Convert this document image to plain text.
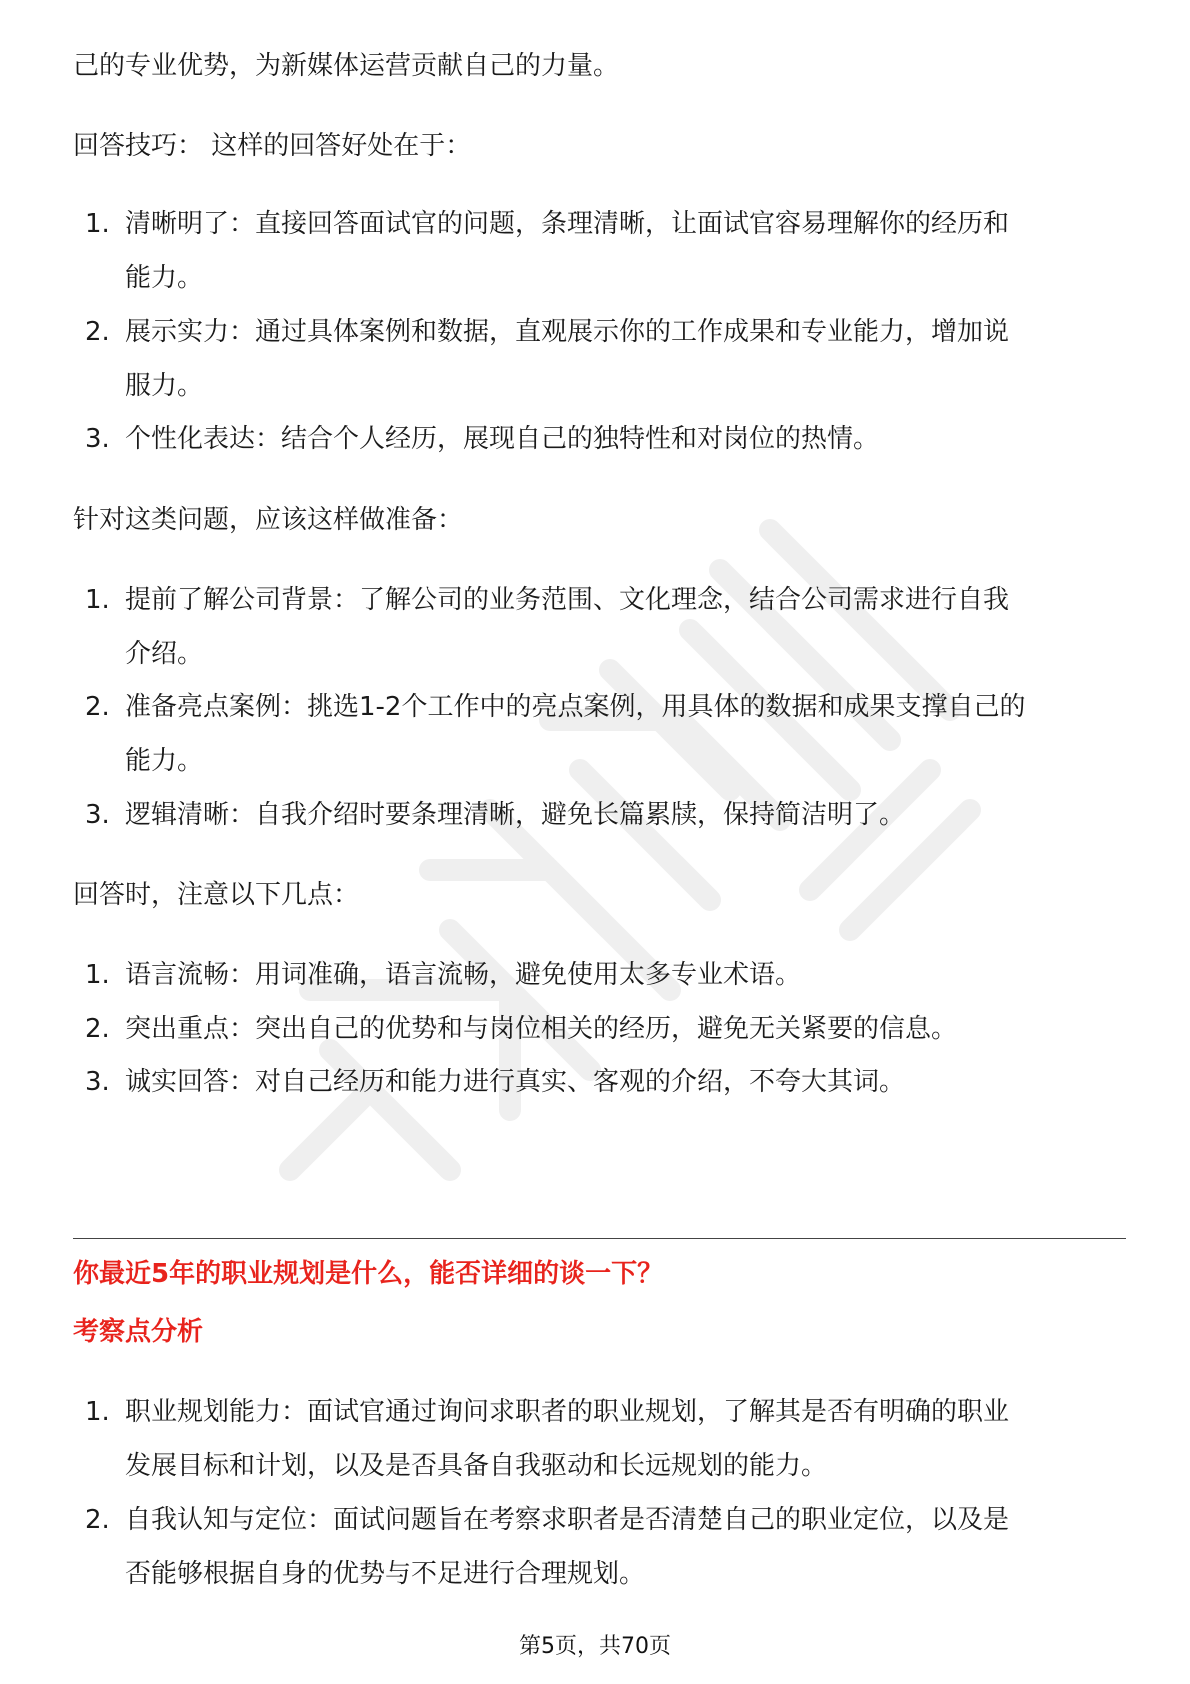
己的专业优势，为新媒体运营贡献自己的力量。
回答技巧： 这样的回答好处在于：
1. 清晰明了：直接回答面试官的问题，条理清晰，让面试官容易理解你的经历和
能力。
2. 展示实力：通过具体案例和数据，直观展示你的工作成果和专业能力，增加说
服力。
3. 个性化表达：结合个人经历，展现自己的独特性和对岗位的热情。
针对这类问题，应该这样做准备：
1. 提前了解公司背景：了解公司的业务范围、文化理念，结合公司需求进行自我
介绍。
2. 准备亮点案例：挑选1-2个工作中的亮点案例，用具体的数据和成果支撑自己的
能力。
3. 逻辑清晰：自我介绍时要条理清晰，避免长篇累牍，保持简洁明了。
回答时，注意以下几点：
1. 语言流畅：用词准确，语言流畅，避免使用太多专业术语。
2. 突出重点：突出自己的优势和与岗位相关的经历，避免无关紧要的信息。
3. 诚实回答：对自己经历和能力进行真实、客观的介绍，不夸大其词。
你最近5年的职业规划是什么，能否详细的谈一下？
考察点分析
1. 职业规划能力：面试官通过询问求职者的职业规划，了解其是否有明确的职业
发展目标和计划，以及是否具备自我驱动和长远规划的能力。
2. 自我认知与定位：面试问题旨在考察求职者是否清楚自己的职业定位，以及是
否能够根据自身的优势与不足进行合理规划。
第5页，共70页
